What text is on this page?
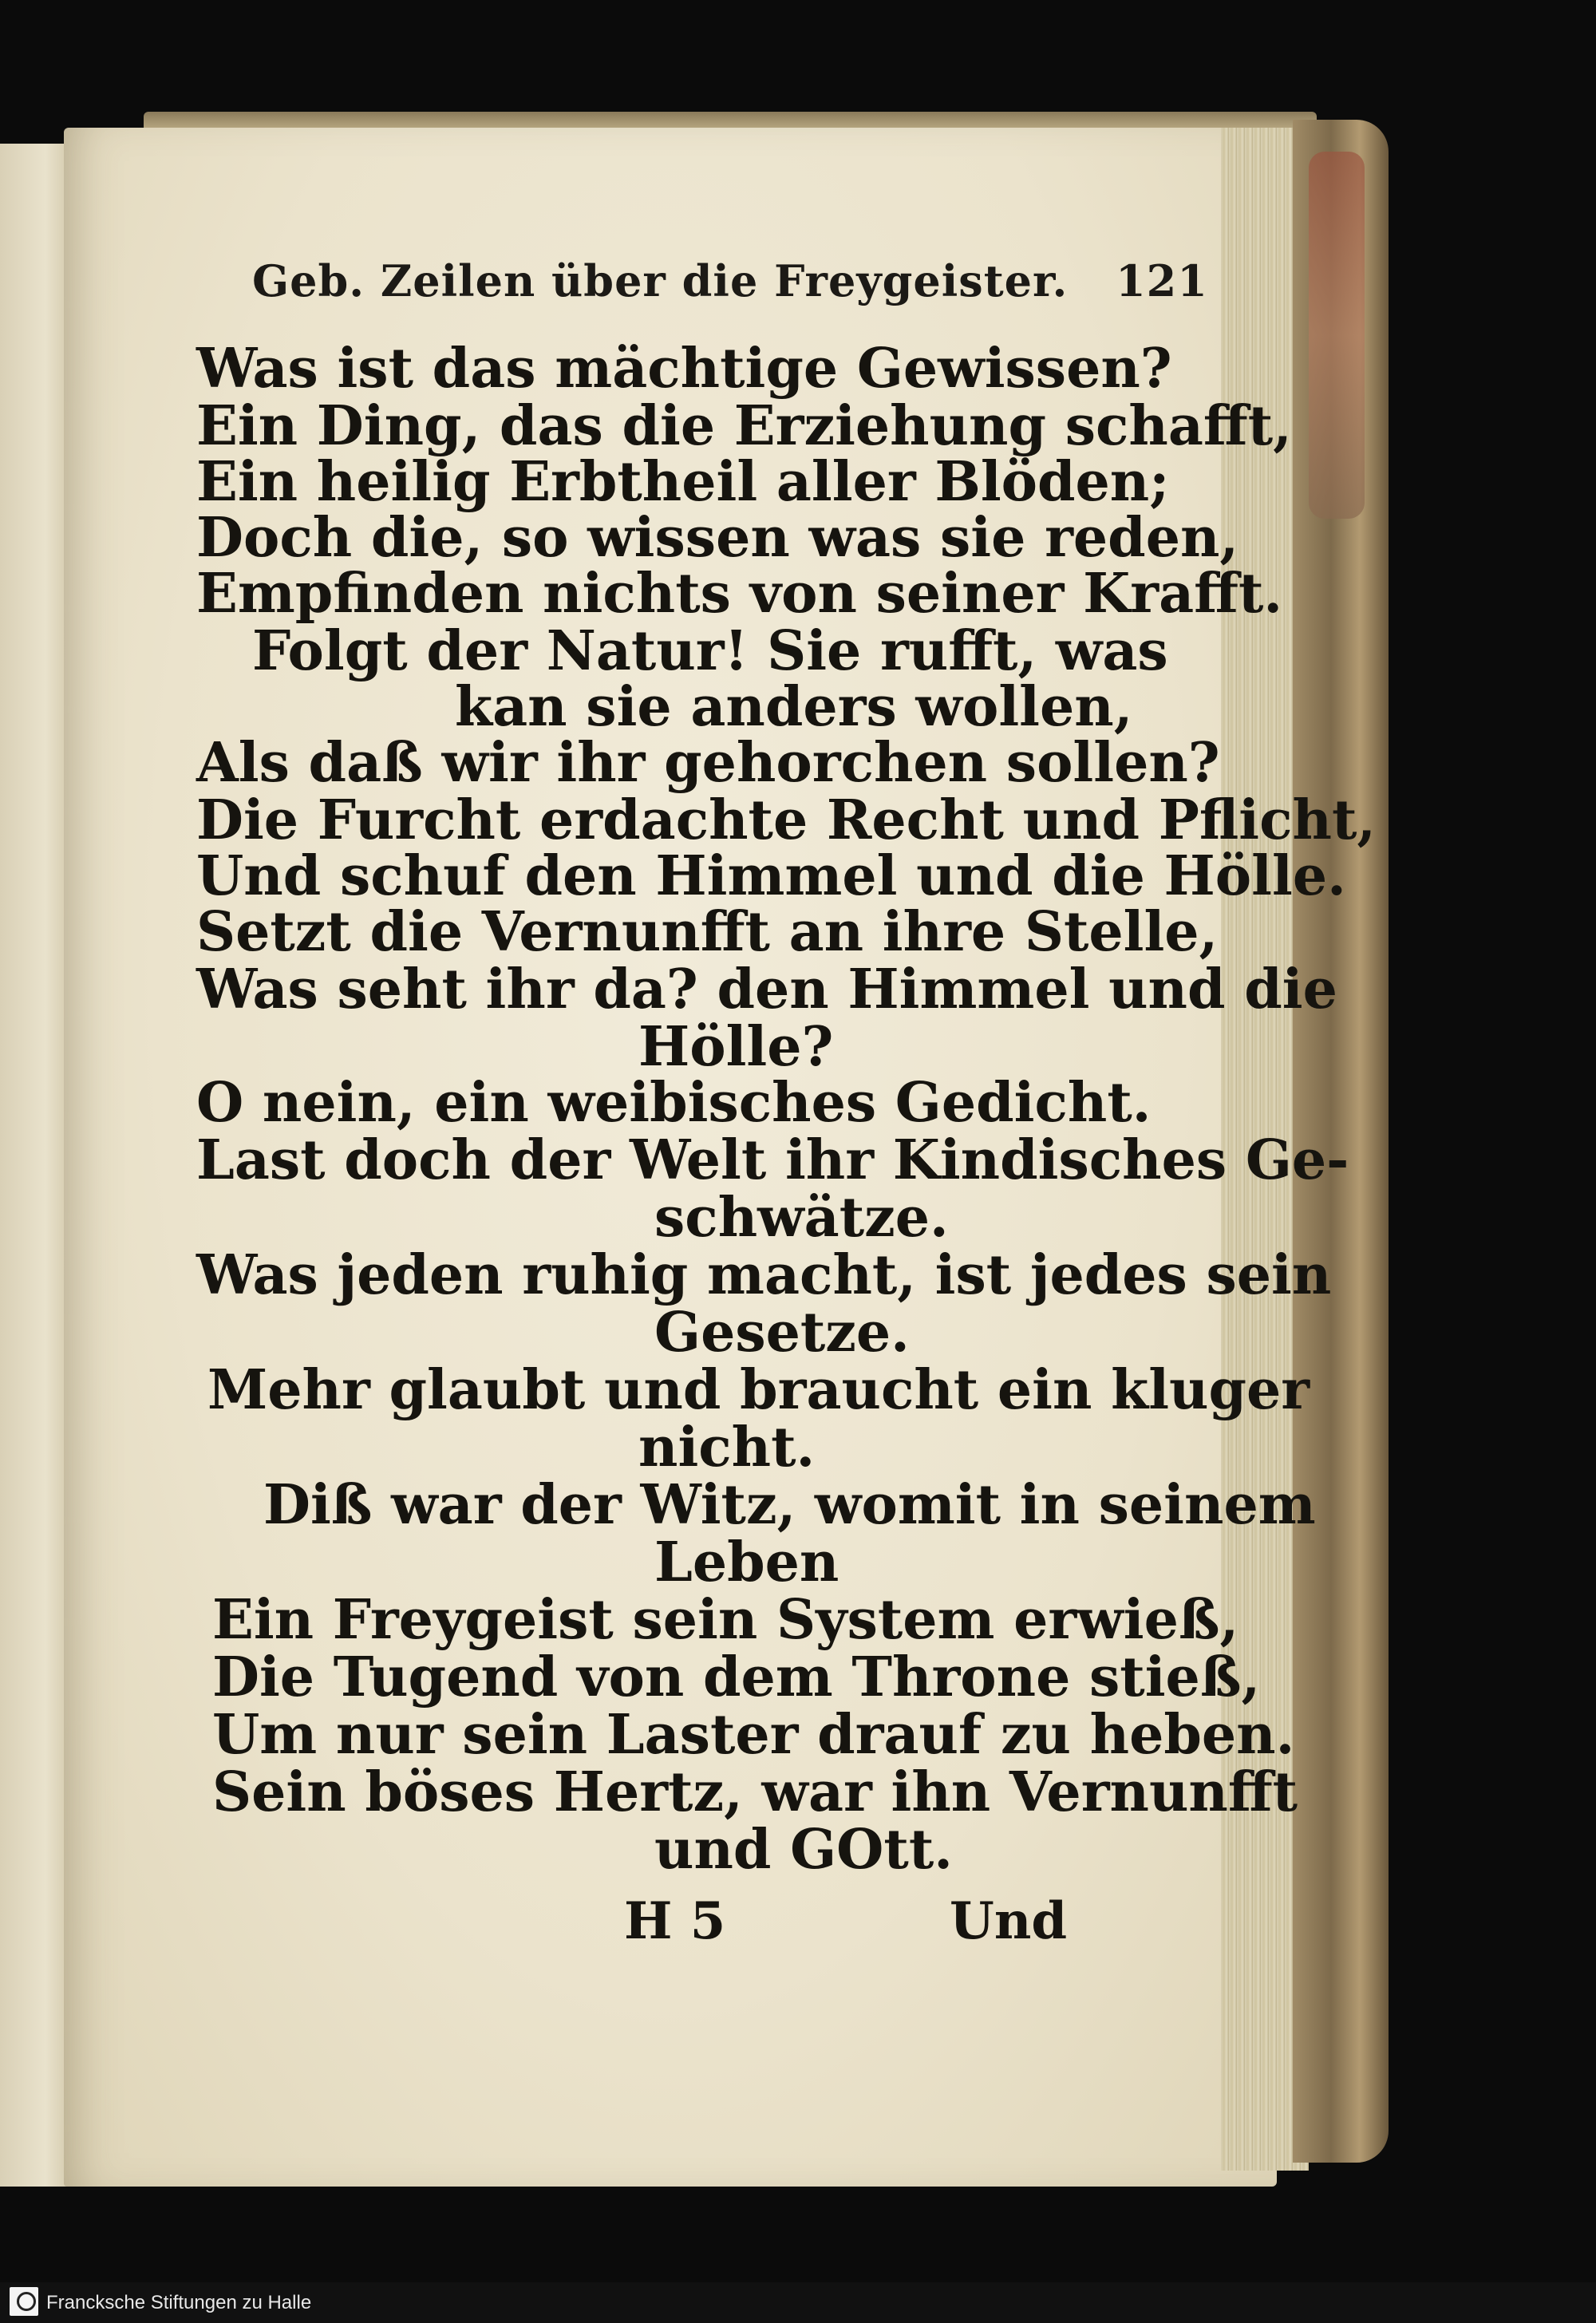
Geb. Zeilen über die Freygeister. 121
Was ist das mächtige Gewissen?
Ein Ding, das die Erziehung schafft,
Ein heilig Erbtheil aller Blöden;
Doch die, so wissen was sie reden,
Empfinden nichts von seiner Krafft.
Folgt der Natur! Sie rufft, was
kan sie anders wollen,
Als daß wir ihr gehorchen sollen?
Die Furcht erdachte Recht und Pflicht,
Und schuf den Himmel und die Hölle.
Setzt die Vernunfft an ihre Stelle,
Was seht ihr da? den Himmel und die
Hölle?
O nein, ein weibisches Gedicht.
Last doch der Welt ihr Kindisches Ge-
schwätze.
Was jeden ruhig macht, ist jedes sein
Gesetze.
Mehr glaubt und braucht ein kluger
nicht.
Diß war der Witz, womit in seinem
Leben
Ein Freygeist sein System erwieß,
Die Tugend von dem Throne stieß,
Um nur sein Laster drauf zu heben.
Sein böses Hertz, war ihn Vernunfft
und GOtt.
H 5	Und
Francksche Stiftungen zu Halle
